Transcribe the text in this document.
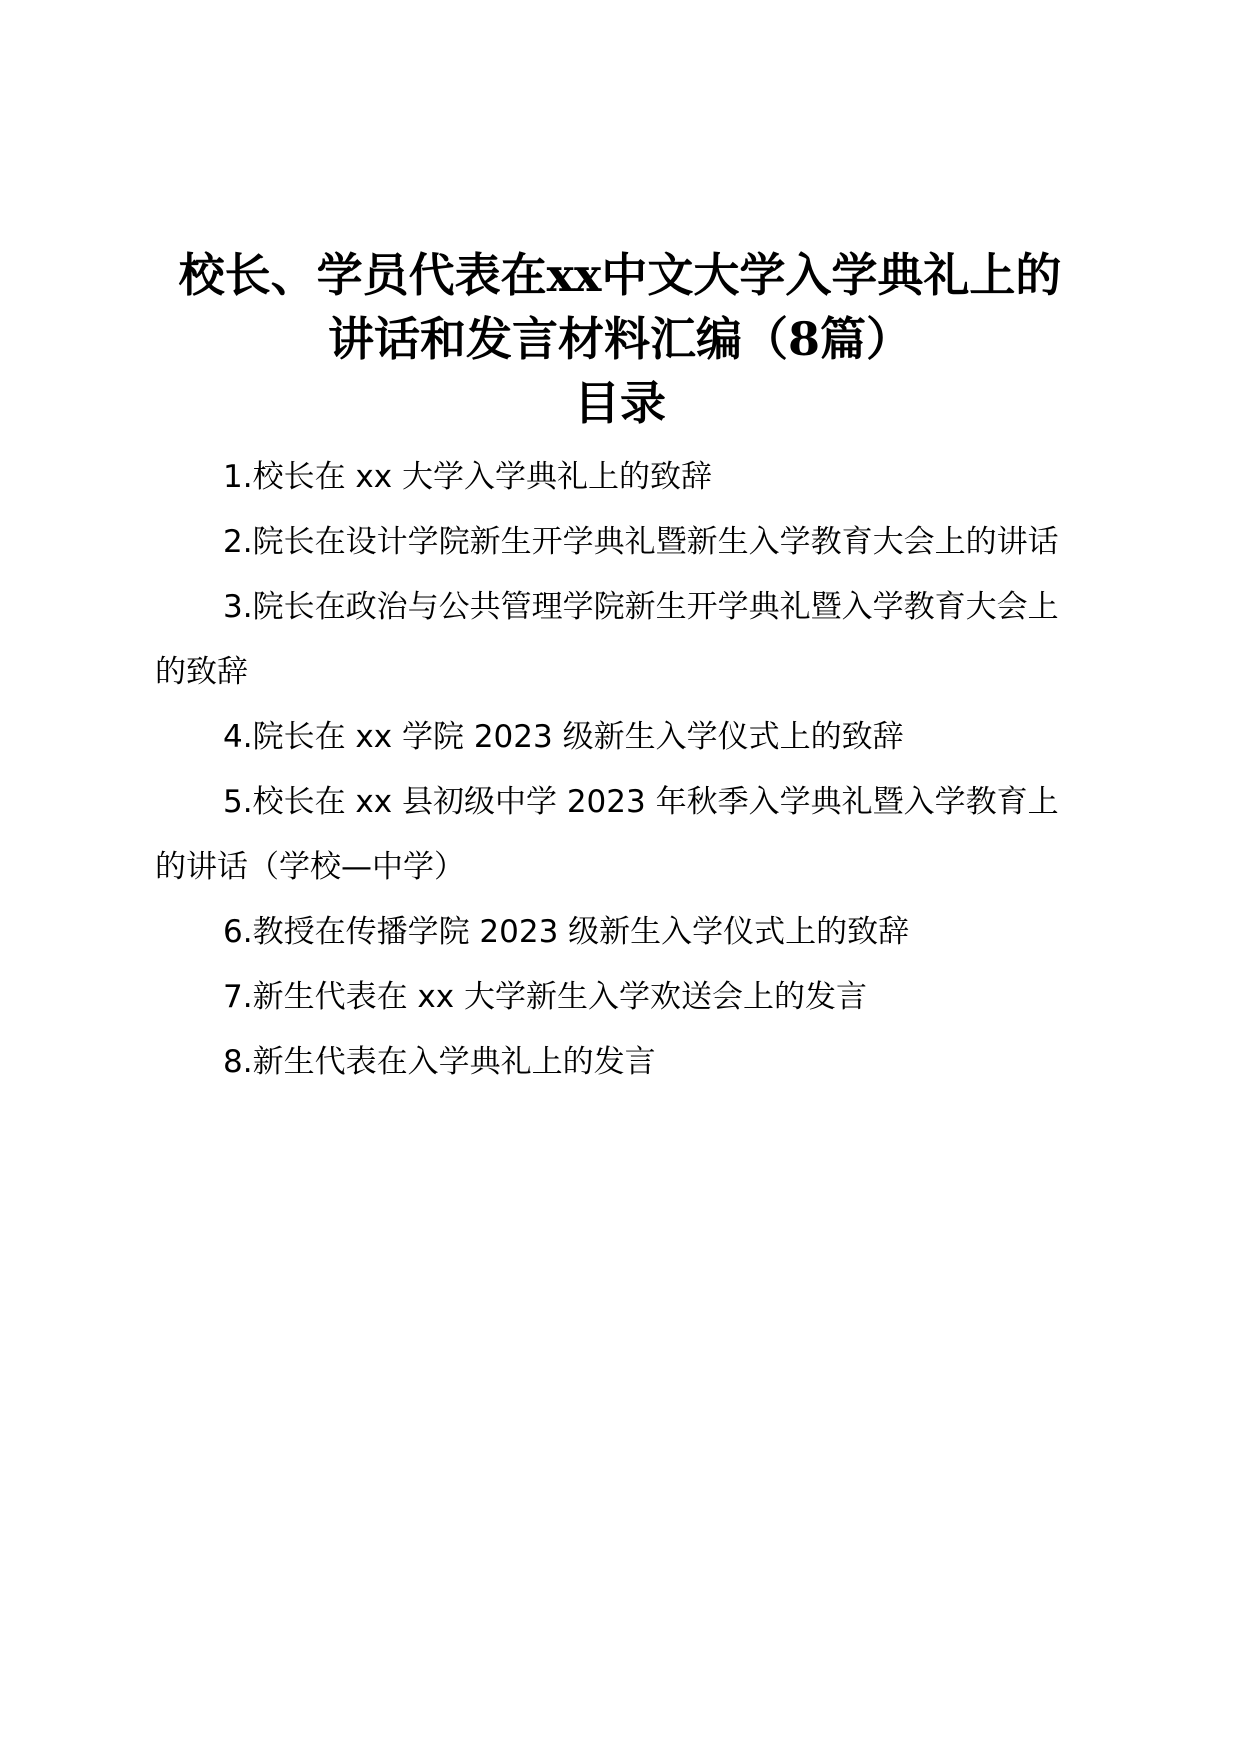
校长、学员代表在xx中文大学入学典礼上的
讲话和发言材料汇编（8篇）
目录

1.校长在 xx 大学入学典礼上的致辞

2.院长在设计学院新生开学典礼暨新生入学教育大会上的讲话

3.院长在政治与公共管理学院新生开学典礼暨入学教育大会上的致辞

4.院长在 xx 学院 2023 级新生入学仪式上的致辞

5.校长在 xx 县初级中学 2023 年秋季入学典礼暨入学教育上的讲话（学校—中学）

6.教授在传播学院 2023 级新生入学仪式上的致辞

7.新生代表在 xx 大学新生入学欢送会上的发言

8.新生代表在入学典礼上的发言
